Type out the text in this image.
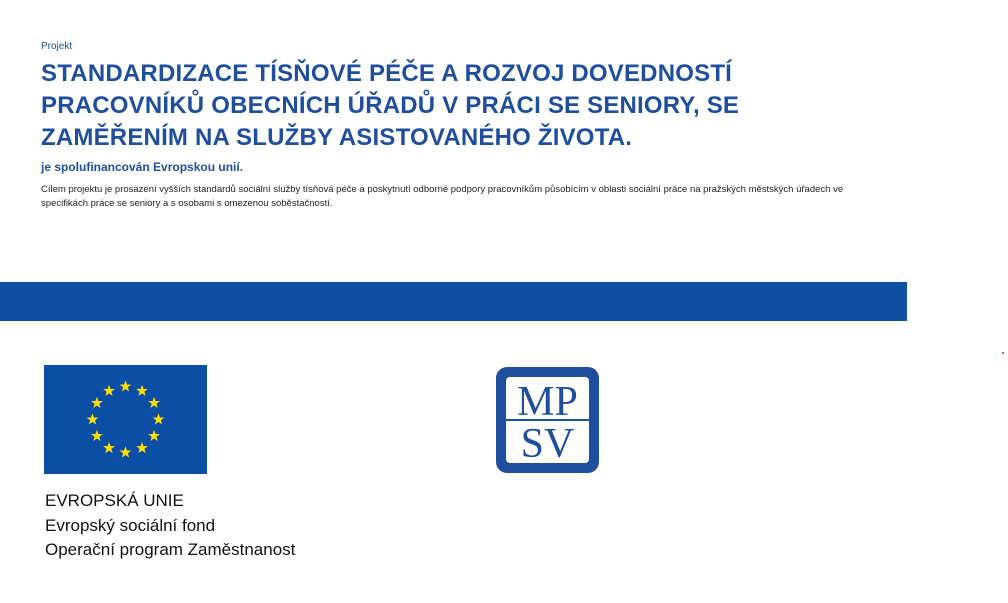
Projekt
STANDARDIZACE TÍSŇOVÉ PÉČE A ROZVOJ DOVEDNOSTÍ
PRACOVNÍKŮ OBECNÍCH ÚŘADŮ V PRÁCI SE SENIORY, SE
ZAMĚŘENÍM NA SLUŽBY ASISTOVANÉHO ŽIVOTA.
je spolufinancován Evropskou unií.
Cílem projektu je prosazení vyšších standardů sociální služby tísňová péče a poskytnutí odborné podpory pracovníkům působícím v oblasti sociální práce na pražských městských úřadech ve specifikách práce se seniory a s osobami s omezenou soběstačností.
EVROPSKÁ UNIE
Evropský sociální fond
Operační program Zaměstnanost
MP
SV
